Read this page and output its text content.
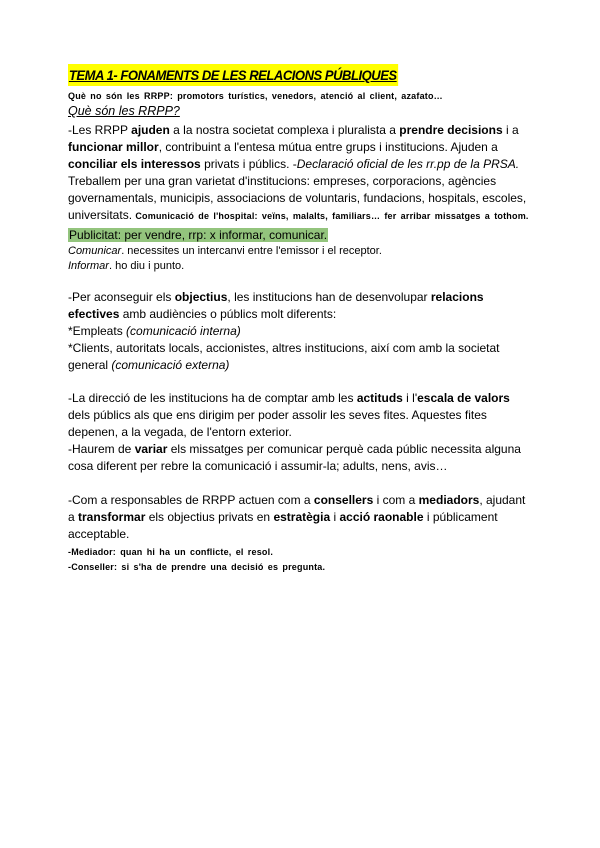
TEMA 1- FONAMENTS DE LES RELACIONS PÚBLIQUES
Què no són les RRPP: promotors turístics, venedors, atenció al client, azafato…
Què són les RRPP?

-Les RRPP ajuden a la nostra societat complexa i pluralista a prendre decisions i a funcionar millor, contribuint a l'entesa mútua entre grups i institucions. Ajuden a conciliar els interessos privats i públics. -Declaració oficial de les rr.pp de la PRSA. Treballem per una gran varietat d'institucions: empreses, corporacions, agències governamentals, municipis, associacions de voluntaris, fundacions, hospitals, escoles, universitats. Comunicació de l'hospital: veïns, malalts, familiars… fer arribar missatges a tothom.

Publicitat: per vendre, rrp: x informar, comunicar.
Comunicar. necessites un intercanvi entre l'emissor i el receptor.
Informar. ho diu i punto.

-Per aconseguir els objectius, les institucions han de desenvolupar relacions efectives amb audiències o públics molt diferents:

*Empleats (comunicació interna)
*Clients, autoritats locals, accionistes, altres institucions, així com amb la societat general (comunicació externa)

-La direcció de les institucions ha de comptar amb les actituds i l'escala de valors dels públics als que ens dirigim per poder assolir les seves fites. Aquestes fites depenen, a la vegada, de l'entorn exterior.

-Haurem de variar els missatges per comunicar perquè cada públic necessita alguna cosa diferent per rebre la comunicació i assumir-la; adults, nens, avis…

-Com a responsables de RRPP actuen com a consellers i com a mediadors, ajudant a transformar els objectius privats en estratègia i acció raonable i públicament acceptable.

-Mediador: quan hi ha un conflicte, el resol.
-Conseller: si s'ha de prendre una decisió es pregunta.
